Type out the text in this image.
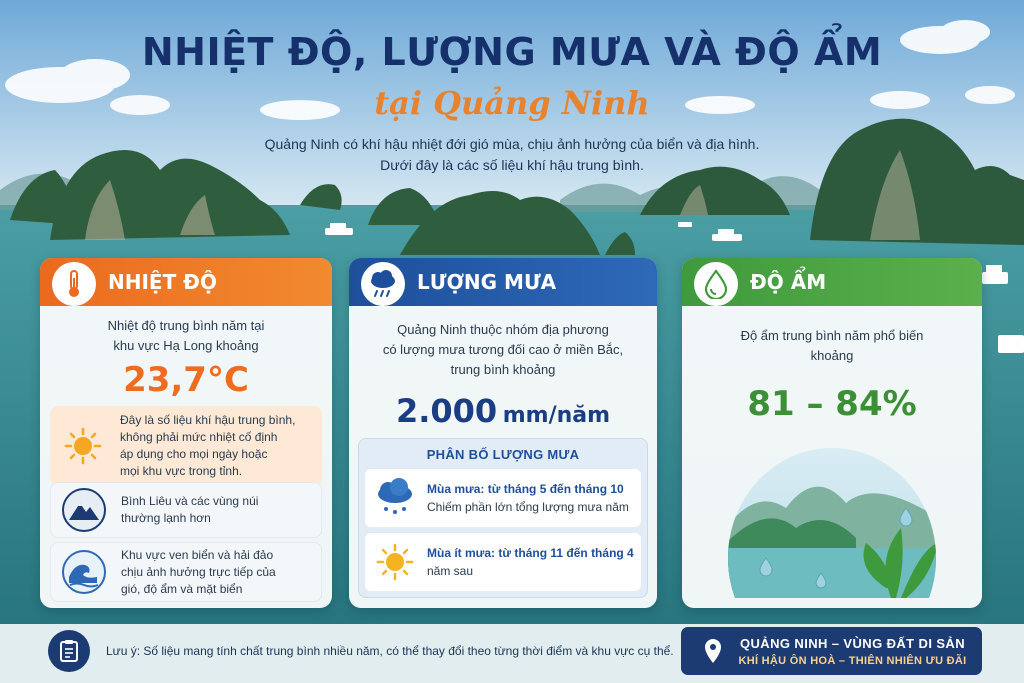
NHIỆT ĐỘ, LƯỢNG MƯA VÀ ĐỘ ẨM
tại Quảng Ninh
Quảng Ninh có khí hậu nhiệt đới gió mùa, chịu ảnh hưởng của biển và địa hình.
Dưới đây là các số liệu khí hậu trung bình.
NHIỆT ĐỘ
Nhiệt độ trung bình năm tại
khu vực Hạ Long khoảng
23,7°C
Đây là số liệu khí hậu trung bình,
không phải mức nhiệt cố định
áp dụng cho mọi ngày hoặc
mọi khu vực trong tỉnh.
Bình Liêu và các vùng núi
thường lạnh hơn
Khu vực ven biển và hải đảo
chịu ảnh hưởng trực tiếp của
gió, độ ẩm và mặt biển
LƯỢNG MƯA
Quảng Ninh thuộc nhóm địa phương
có lượng mưa tương đối cao ở miền Bắc,
trung bình khoảng
2.000 mm/năm
PHÂN BỐ LƯỢNG MƯA
Mùa mưa: từ tháng 5 đến tháng 10
Chiếm phần lớn tổng lượng mưa năm
Mùa ít mưa: từ tháng 11 đến tháng 4
năm sau
ĐỘ ẨM
Độ ẩm trung bình năm phổ biến
khoảng
81 – 84%
Lưu ý: Số liệu mang tính chất trung bình nhiều năm, có thể thay đổi theo từng thời điểm và khu vực cụ thể.
QUẢNG NINH – VÙNG ĐẤT DI SẢN
KHÍ HẬU ÔN HOÀ – THIÊN NHIÊN ƯU ĐÃI
